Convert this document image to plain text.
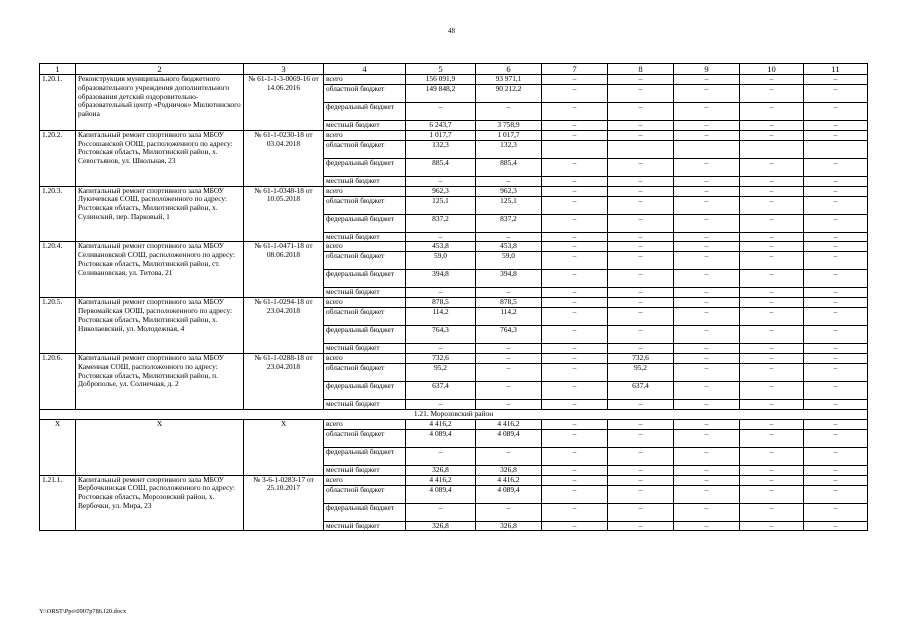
48
1	2	3	4	5	6	7	8	9	10	11
1.20.1.	Реконструкция муниципального бюджетного образовательного учреждения дополнительного образования детский оздоровительно-образовательный центр «Родничок» Милютинского района	№ 61-1-1-3-0069-16 от 14.06.2016	всего	156 091,9	93 971,1	–	–	–	–	–
			областной бюджет	149 848,2	90 212,2	–	–	–	–	–
			федеральный бюджет	–	–	–	–	–	–	–
			местный бюджет	6 243,7	3 758,9	–	–	–	–	–
1.20.2.	Капитальный ремонт спортивного зала МБОУ Россошанской ООШ, расположенного по адресу: Ростовская область, Милютинский район, х. Севостьянов, ул. Школьная, 23	№ 61-1-0230-18 от 03.04.2018	всего	1 017,7	1 017,7	–	–	–	–	–
			областной бюджет	132,3	132,3					
			федеральный бюджет	885,4	885,4	–	–	–	–	–
			местный бюджет	–	–	–	–	–	–	–
1.20.3.	Капитальный ремонт спортивного зала МБОУ Лукичевская СОШ, расположенного по адресу: Ростовская область, Милютинский район, х. Сулинский, пер. Парковый, 1	№ 61-1-0348-18 от 10.05.2018	всего	962,3	962,3	–	–	–	–	–
			областной бюджет	125,1	125,1	–	–	–	–	–
			федеральный бюджет	837,2	837,2	–	–	–	–	–
			местный бюджет	–	–	–	–	–	–	–
1.20.4.	Капитальный ремонт спортивного зала МБОУ Селивановской СОШ, расположенного по адресу: Ростовская область, Милютинский район, ст. Селивановская, ул. Титова, 21	№ 61-1-0471-18 от 08.06.2018	всего	453,8	453,8	–	–	–	–	–
			областной бюджет	59,0	59,0	–	–	–	–	–
			федеральный бюджет	394,8	394,8	–	–	–	–	–
			местный бюджет	–	–	–	–	–	–	–
1.20.5.	Капитальный ремонт спортивного зала МБОУ Первомайская ООШ, расположенного по адресу: Ростовская область, Милютинский район, х. Николаевский, ул. Молодежная, 4	№ 61-1-0294-18 от 23.04.2018	всего	878,5	878,5	–	–	–	–	–
			областной бюджет	114,2	114,2	–	–	–	–	–
			федеральный бюджет	764,3	764,3	–	–	–	–	–
			местный бюджет	–	–	–	–	–	–	–
1.20.6.	Капитальный ремонт спортивного зала МБОУ Каменная СОШ, расположенного по адресу: Ростовская область, Милютинский район, п. Доброполье, ул. Солнечная, д. 2	№ 61-1-0288-18 от 23.04.2018	всего	732,6	–	–	732,6	–	–	–
			областной бюджет	95,2	–	–	95,2	–	–	–
			федеральный бюджет	637,4	–	–	637,4	–	–	–
			местный бюджет	–	–	–	–	–	–	–
1.21. Морозовский район										
Х	Х	Х	всего	4 416,2	4 416,2	–	–	–	–	–
			областной бюджет	4 089,4	4 089,4	–	–	–	–	–
			федеральный бюджет	–	–	–	–	–	–	–
			местный бюджет	326,8	326,8	–	–	–	–	–
1.21.1.	Капитальный ремонт спортивного зала МБОУ Вербочкинская СОШ, расположенного по адресу: Ростовская область, Морозовский район, х. Вербочки, ул. Мира, 23	№ 3-6-1-0283-17 от 25.10.2017	всего	4 416,2	4 416,2	–	–	–	–	–
			областной бюджет	4 089,4	4 089,4	–	–	–	–	–
			федеральный бюджет	–	–	–	–	–	–	–
			местный бюджет	326,8	326,8	–	–	–	–	–
Y:\ORST\Ppo\0907p786.f20.docx
